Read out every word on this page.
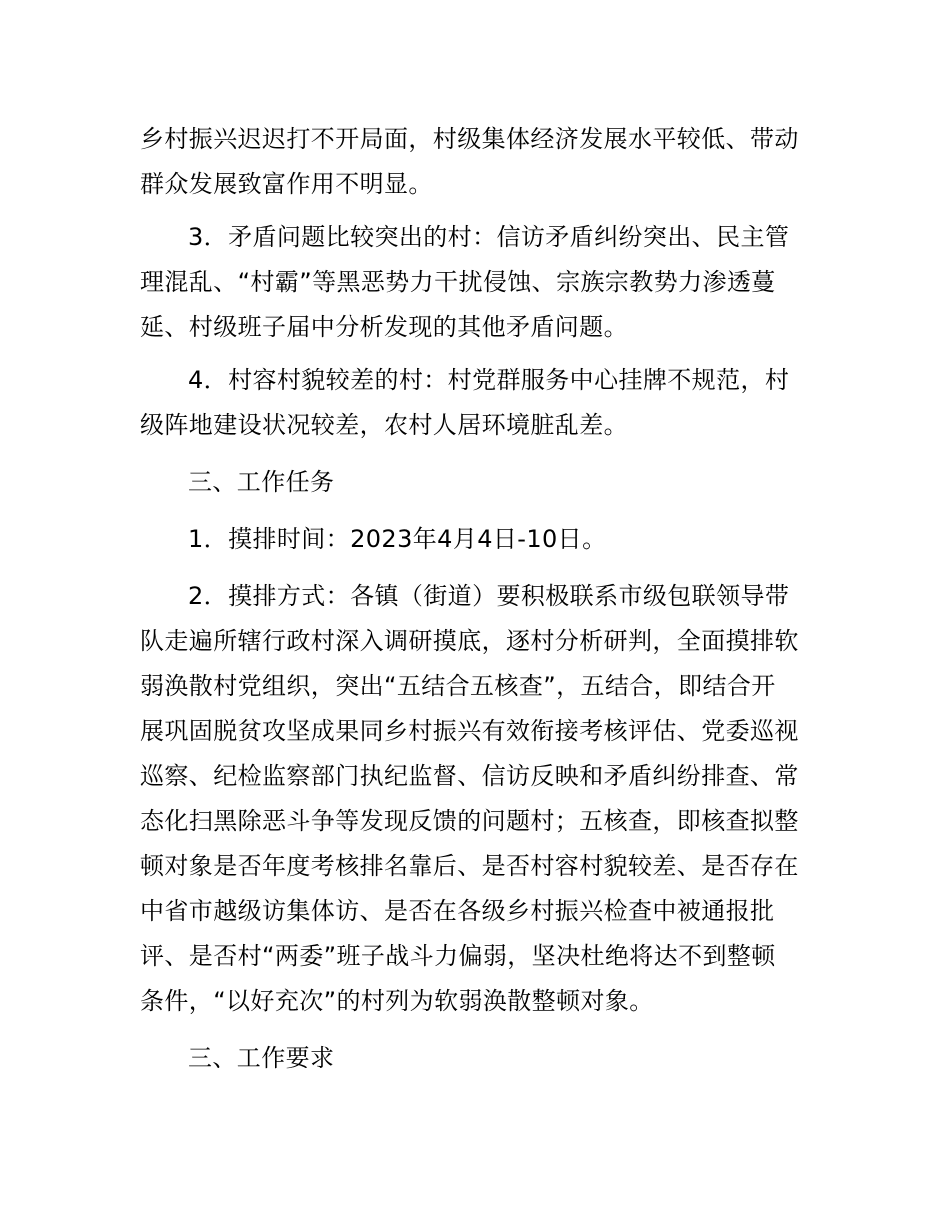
乡村振兴迟迟打不开局面，村级集体经济发展水平较低、带动
群众发展致富作用不明显。

3．矛盾问题比较突出的村：信访矛盾纠纷突出、民主管
理混乱、“村霸”等黑恶势力干扰侵蚀、宗族宗教势力渗透蔓
延、村级班子届中分析发现的其他矛盾问题。

4．村容村貌较差的村：村党群服务中心挂牌不规范，村
级阵地建设状况较差，农村人居环境脏乱差。

三、工作任务

1．摸排时间：2023年4月4日-10日。

2．摸排方式：各镇（街道）要积极联系市级包联领导带
队走遍所辖行政村深入调研摸底，逐村分析研判，全面摸排软
弱涣散村党组织，突出“五结合五核查”，五结合，即结合开
展巩固脱贫攻坚成果同乡村振兴有效衔接考核评估、党委巡视
巡察、纪检监察部门执纪监督、信访反映和矛盾纠纷排查、常
态化扫黑除恶斗争等发现反馈的问题村；五核查，即核查拟整
顿对象是否年度考核排名靠后、是否村容村貌较差、是否存在
中省市越级访集体访、是否在各级乡村振兴检查中被通报批
评、是否村“两委”班子战斗力偏弱，坚决杜绝将达不到整顿
条件，“以好充次”的村列为软弱涣散整顿对象。

三、工作要求
